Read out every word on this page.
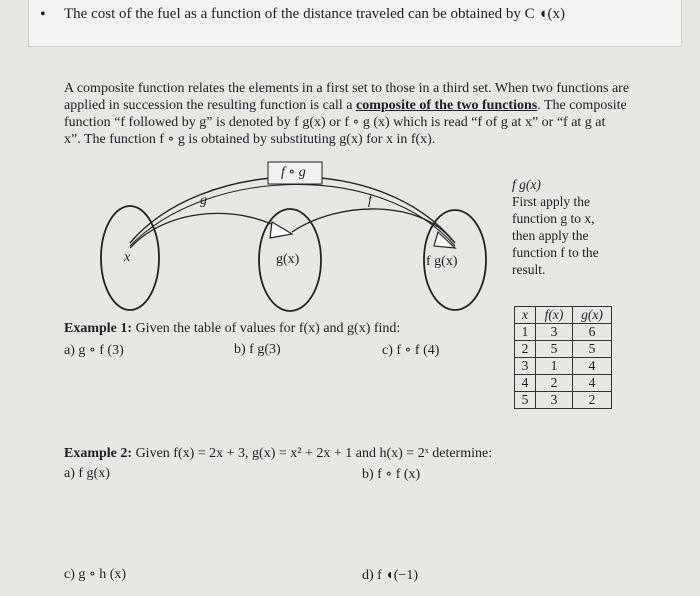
• The cost of the fuel as a function of the distance traveled can be obtained by C ◖(x)

A composite function relates the elements in a first set to those in a third set. When two functions are

applied in succession the resulting function is call a composite of the two functions. The composite

function “f followed by g” is denoted by f g(x) or f ∘ g (x) which is read “f of g at x” or “f at g at

x”. The function f ∘ g is obtained by substituting g(x) for x in f(x).

f ∘ g
g	f
x	g(x)	f g(x)
f g(x)
First apply the
function g to x,
then apply the
function f to the
result.
x	f(x)	g(x)
1	3	6
2	5	5
3	1	4
4	2	4
5	3	2
Example 1: Given the table of values for f(x) and g(x) find:
a) g ∘ f (3)	b) f g(3)	c) f ∘ f (4)
Example 2: Given f(x) = 2x + 3, g(x) = x² + 2x + 1 and h(x) = 2ˣ determine:
a) f g(x)	b) f ∘ f (x)
c) g ∘ h (x)	d) f ◖(−1)
